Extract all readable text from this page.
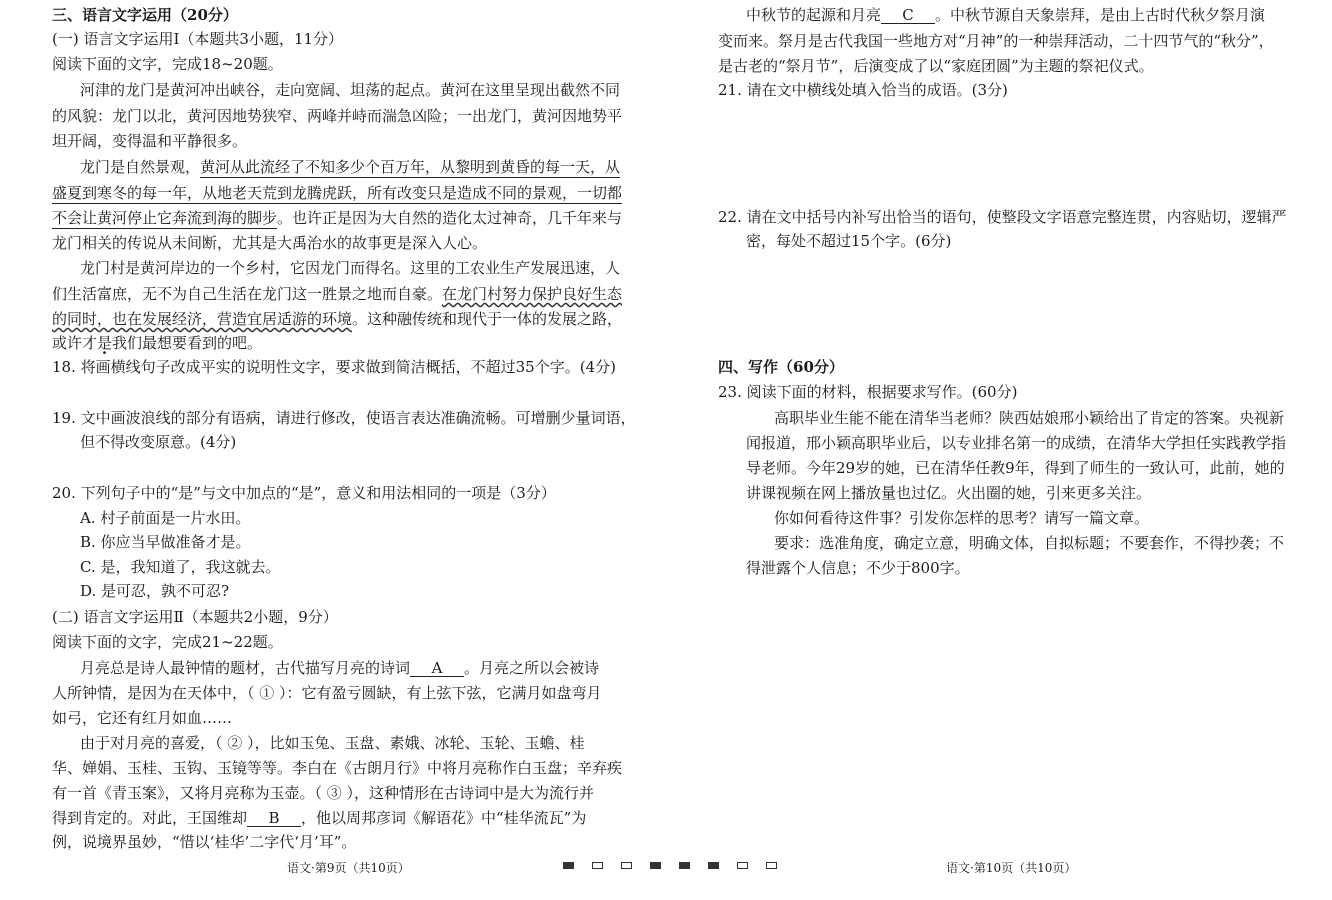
三、语言文字运用（20分）
(一) 语言文字运用Ⅰ（本题共3小题，11分）
阅读下面的文字，完成18~20题。
河津的龙门是黄河冲出峡谷，走向宽阔、坦荡的起点。黄河在这里呈现出截然不同
的风貌：龙门以北，黄河因地势狭窄、两峰并峙而湍急凶险；一出龙门，黄河因地势平
坦开阔，变得温和平静很多。
龙门是自然景观，黄河从此流经了不知多少个百万年，从黎明到黄昏的每一天，从
盛夏到寒冬的每一年，从地老天荒到龙腾虎跃，所有改变只是造成不同的景观，一切都
不会让黄河停止它奔流到海的脚步。也许正是因为大自然的造化太过神奇，几千年来与
龙门相关的传说从未间断，尤其是大禹治水的故事更是深入人心。
龙门村是黄河岸边的一个乡村，它因龙门而得名。这里的工农业生产发展迅速，人
们生活富庶，无不为自己生活在龙门这一胜景之地而自豪。在龙门村努力保护良好生态
的同时，也在发展经济，营造宜居适游的环境。这种融传统和现代于一体的发展之路，
或许才是我们最想要看到的吧。
18. 将画横线句子改成平实的说明性文字，要求做到简洁概括，不超过35个字。(4分)
19. 文中画波浪线的部分有语病，请进行修改，使语言表达准确流畅。可增删少量词语，
但不得改变原意。(4分)
20. 下列句子中的“是”与文中加点的“是”，意义和用法相同的一项是（3分）
A. 村子前面是一片水田。
B. 你应当早做准备才是。
C. 是，我知道了，我这就去。
D. 是可忍，孰不可忍?
(二) 语言文字运用Ⅱ（本题共2小题，9分）
阅读下面的文字，完成21~22题。
月亮总是诗人最钟情的题材，古代描写月亮的诗词 A 。月亮之所以会被诗
人所钟情，是因为在天体中，（ ① ）：它有盈亏圆缺，有上弦下弦，它满月如盘弯月
如弓，它还有红月如血……
由于对月亮的喜爱，（ ② ），比如玉兔、玉盘、素娥、冰轮、玉轮、玉蟾、桂
华、婵娟、玉桂、玉钩、玉镜等等。李白在《古朗月行》中将月亮称作白玉盘；辛弃疾
有一首《青玉案》，又将月亮称为玉壶。（ ③ ），这种情形在古诗词中是大为流行并
得到肯定的。对此，王国维却 B ，他以周邦彦词《解语花》中“桂华流瓦”为
例，说境界虽妙，“惜以‘桂华’二字代‘月’耳”。
语文·第9页（共10页）
中秋节的起源和月亮 C 。中秋节源自天象崇拜，是由上古时代秋夕祭月演
变而来。祭月是古代我国一些地方对“月神”的一种崇拜活动，二十四节气的“秋分”，
是古老的“祭月节”，后演变成了以“家庭团圆”为主题的祭祀仪式。
21. 请在文中横线处填入恰当的成语。(3分)
22. 请在文中括号内补写出恰当的语句，使整段文字语意完整连贯，内容贴切，逻辑严
密，每处不超过15个字。(6分)
四、写作（60分）
23. 阅读下面的材料，根据要求写作。(60分)
高职毕业生能不能在清华当老师？陕西姑娘邢小颖给出了肯定的答案。央视新
闻报道，邢小颖高职毕业后，以专业排名第一的成绩，在清华大学担任实践教学指
导老师。今年29岁的她，已在清华任教9年，得到了师生的一致认可，此前，她的
讲课视频在网上播放量也过亿。火出圈的她，引来更多关注。
你如何看待这件事？引发你怎样的思考？请写一篇文章。
要求：选准角度，确定立意，明确文体，自拟标题；不要套作，不得抄袭；不
得泄露个人信息；不少于800字。
语文·第10页（共10页）
